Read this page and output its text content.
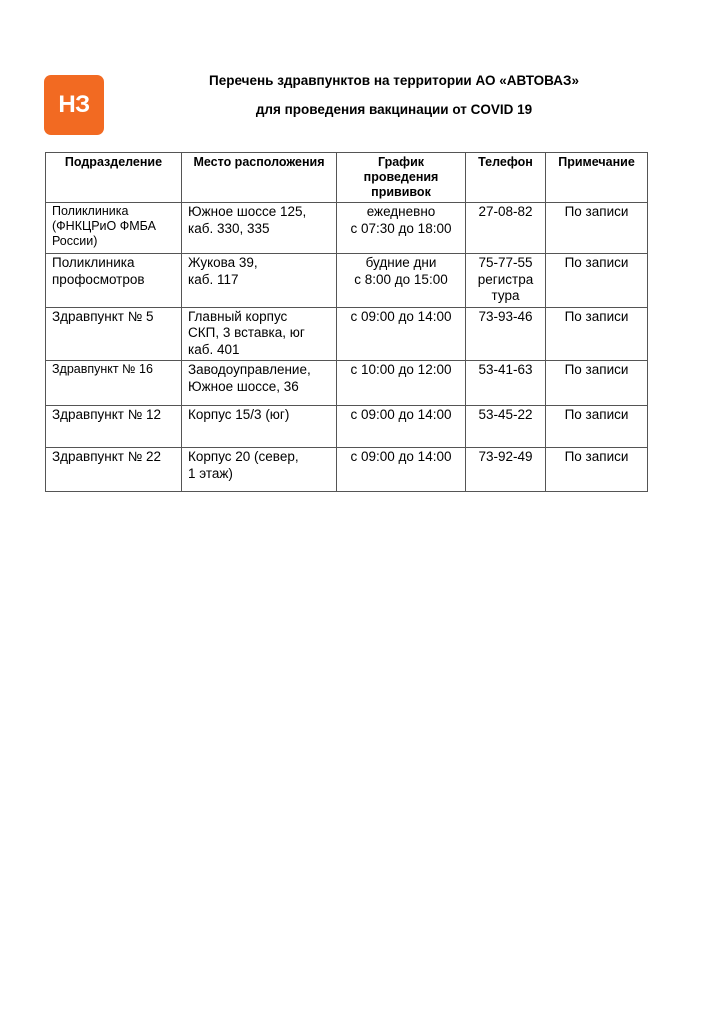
НЗ
Перечень здравпунктов на территории АО «АВТОВАЗ»
для проведения вакцинации от COVID 19
Подразделение	Место расположения	График проведения прививок	Телефон	Примечание

Поликлиника
(ФНКЦРиО ФМБА
России)	Южное шоссе 125,
каб. 330, 335	ежедневно
с 07:30 до 18:00	27-08-82	По записи

Поликлиника
профосмотров	Жукова 39,
каб. 117	будние дни
с 8:00 до 15:00	75-77-55
регистра
тура	По записи

Здравпункт № 5	Главный корпус
СКП, 3 вставка, юг
каб. 401	с 09:00 до 14:00	73-93-46	По записи

Здравпункт № 16	Заводоуправление,
Южное шоссе, 36	с 10:00 до 12:00	53-41-63	По записи

Здравпункт № 12	Корпус 15/3 (юг)	с 09:00 до 14:00	53-45-22	По записи

Здравпункт № 22	Корпус 20 (север,
1 этаж)	с 09:00 до 14:00	73-92-49	По записи
